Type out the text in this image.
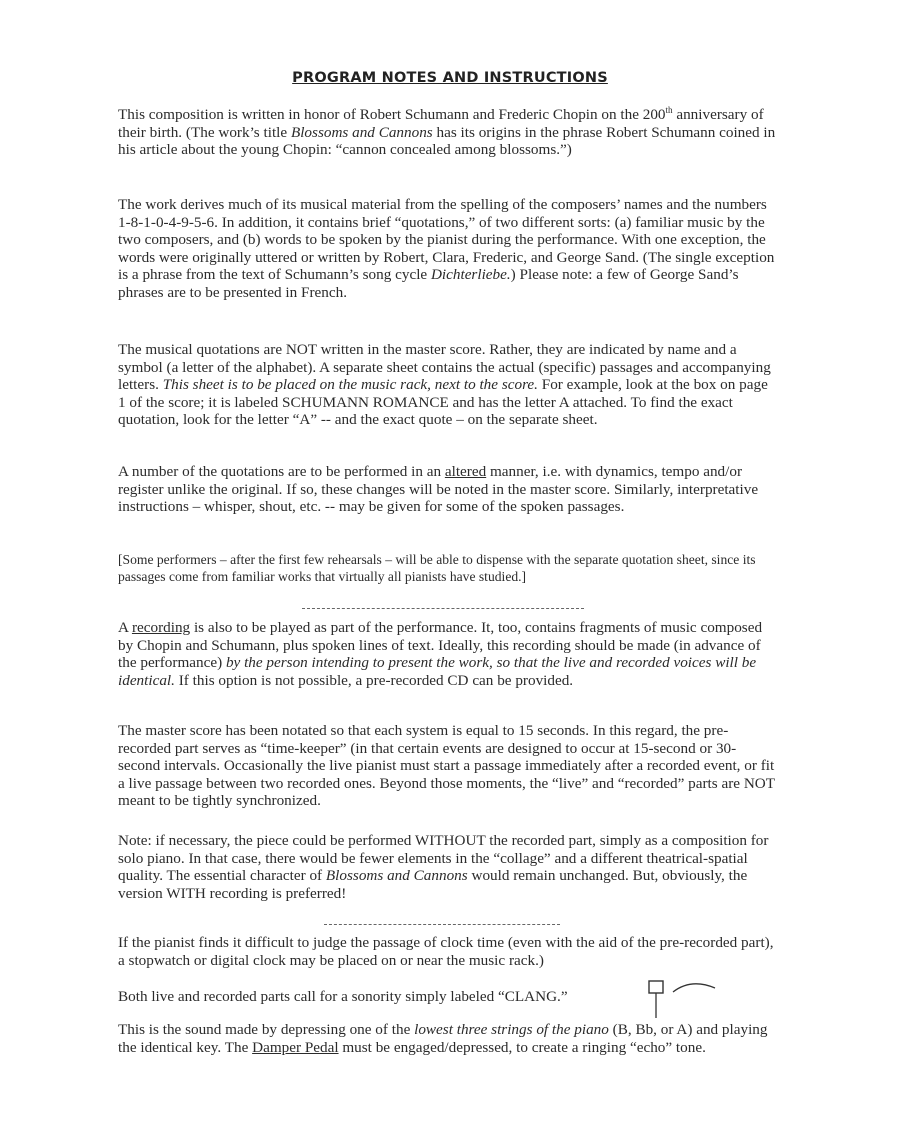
PROGRAM NOTES AND INSTRUCTIONS

This composition is written in honor of Robert Schumann and Frederic Chopin on the 200th anniversary of their birth. (The work’s title Blossoms and Cannons has its origins in the phrase Robert Schumann coined in his article about the young Chopin: “cannon concealed among blossoms.”)

The work derives much of its musical material from the spelling of the composers’ names and the numbers 1-8-1-0-4-9-5-6. In addition, it contains brief “quotations,” of two different sorts: (a) familiar music by the two composers, and (b) words to be spoken by the pianist during the performance. With one exception, the words were originally uttered or written by Robert, Clara, Frederic, and George Sand. (The single exception is a phrase from the text of Schumann’s song cycle Dichterliebe.) Please note: a few of George Sand’s phrases are to be presented in French.

The musical quotations are NOT written in the master score. Rather, they are indicated by name and a symbol (a letter of the alphabet). A separate sheet contains the actual (specific) passages and accompanying letters. This sheet is to be placed on the music rack, next to the score. For example, look at the box on page 1 of the score; it is labeled SCHUMANN ROMANCE and has the letter A attached. To find the exact quotation, look for the letter “A” -- and the exact quote – on the separate sheet.

A number of the quotations are to be performed in an altered manner, i.e. with dynamics, tempo and/or register unlike the original. If so, these changes will be noted in the master score. Similarly, interpretative instructions – whisper, shout, etc. -- may be given for some of the spoken passages.

[Some performers – after the first few rehearsals – will be able to dispense with the separate quotation sheet, since its passages come from familiar works that virtually all pianists have studied.]

A recording is also to be played as part of the performance. It, too, contains fragments of music composed by Chopin and Schumann, plus spoken lines of text. Ideally, this recording should be made (in advance of the performance) by the person intending to present the work, so that the live and recorded voices will be identical. If this option is not possible, a pre-recorded CD can be provided.

The master score has been notated so that each system is equal to 15 seconds. In this regard, the pre-recorded part serves as “time-keeper” (in that certain events are designed to occur at 15-second or 30-second intervals. Occasionally the live pianist must start a passage immediately after a recorded event, or fit a live passage between two recorded ones. Beyond those moments, the “live” and “recorded” parts are NOT meant to be tightly synchronized.

Note: if necessary, the piece could be performed WITHOUT the recorded part, simply as a composition for solo piano. In that case, there would be fewer elements in the “collage” and a different theatrical-spatial quality. The essential character of Blossoms and Cannons would remain unchanged. But, obviously, the version WITH recording is preferred!

If the pianist finds it difficult to judge the passage of clock time (even with the aid of the pre-recorded part), a stopwatch or digital clock may be placed on or near the music rack.)

Both live and recorded parts call for a sonority simply labeled “CLANG.”

This is the sound made by depressing one of the lowest three strings of the piano (B, Bb, or A) and playing the identical key. The Damper Pedal must be engaged/depressed, to create a ringing “echo” tone.
